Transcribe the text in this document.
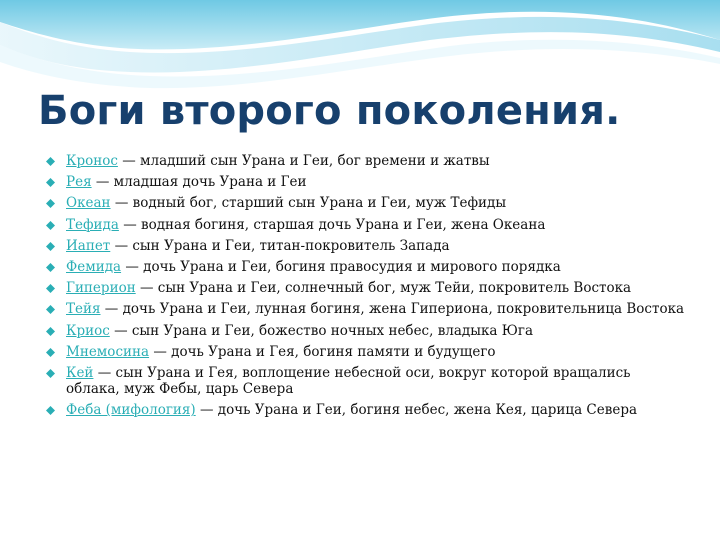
Боги второго поколения.
Кронос — младший сын Урана и Геи, бог времени и жатвы
Рея — младшая дочь Урана и Геи
Океан — водный бог, старший сын Урана и Геи, муж Тефиды
Тефида — водная богиня, старшая дочь Урана и Геи, жена Океана
Иапет — сын Урана и Геи, титан-покровитель Запада
Фемида — дочь Урана и Геи, богиня правосудия и мирового порядка
Гиперион — сын Урана и Геи, солнечный бог, муж Тейи, покровитель Востока
Тейя — дочь Урана и Геи, лунная богиня, жена Гипериона, покровительница Востока
Криос — сын Урана и Геи, божество ночных небес, владыка Юга
Мнемосина — дочь Урана и Гея, богиня памяти и будущего
Кей — сын Урана и Гея, воплощение небесной оси, вокруг которой вращались облака, муж Фебы, царь Севера
Феба (мифология) — дочь Урана и Геи, богиня небес, жена Кея, царица Севера
